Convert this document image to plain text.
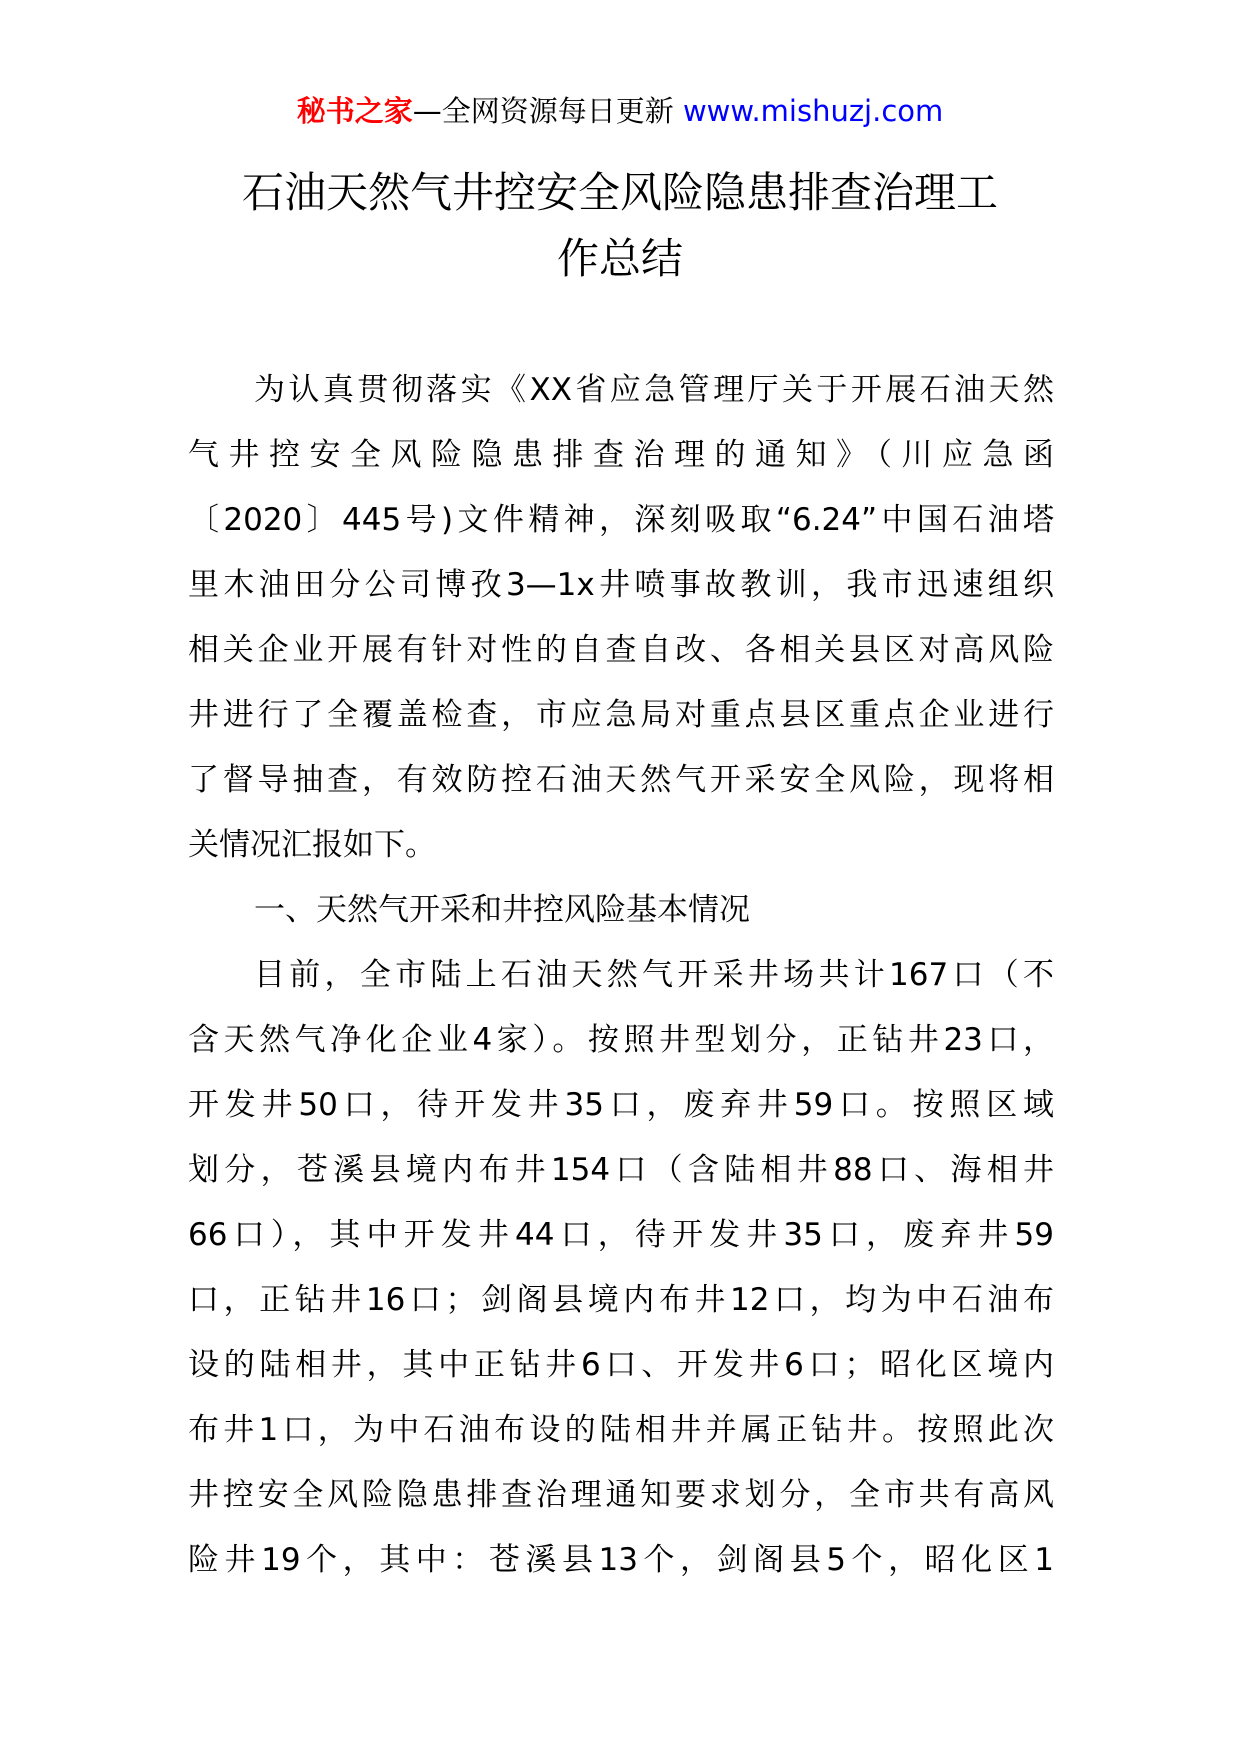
秘书之家—全网资源每日更新 www.mishuzj.com
石油天然气井控安全风险隐患排查治理工
作总结
为认真贯彻落实《XX省应急管理厅关于开展石油天然
气井控安全风险隐患排查治理的通知》（川应急函
〔2020〕445号)文件精神，深刻吸取“6.24”中国石油塔
里木油田分公司博孜3—1x井喷事故教训，我市迅速组织
相关企业开展有针对性的自查自改、各相关县区对高风险
井进行了全覆盖检查，市应急局对重点县区重点企业进行
了督导抽查，有效防控石油天然气开采安全风险，现将相
关情况汇报如下。
一、天然气开采和井控风险基本情况
目前，全市陆上石油天然气开采井场共计167口（不
含天然气净化企业4家）。按照井型划分，正钻井23口，
开发井50口，待开发井35口，废弃井59口。按照区域
划分，苍溪县境内布井154口（含陆相井88口、海相井
66口），其中开发井44口，待开发井35口，废弃井59
口，正钻井16口；剑阁县境内布井12口，均为中石油布
设的陆相井，其中正钻井6口、开发井6口；昭化区境内
布井1口，为中石油布设的陆相井并属正钻井。按照此次
井控安全风险隐患排查治理通知要求划分，全市共有高风
险井19个，其中：苍溪县13个，剑阁县5个，昭化区1
